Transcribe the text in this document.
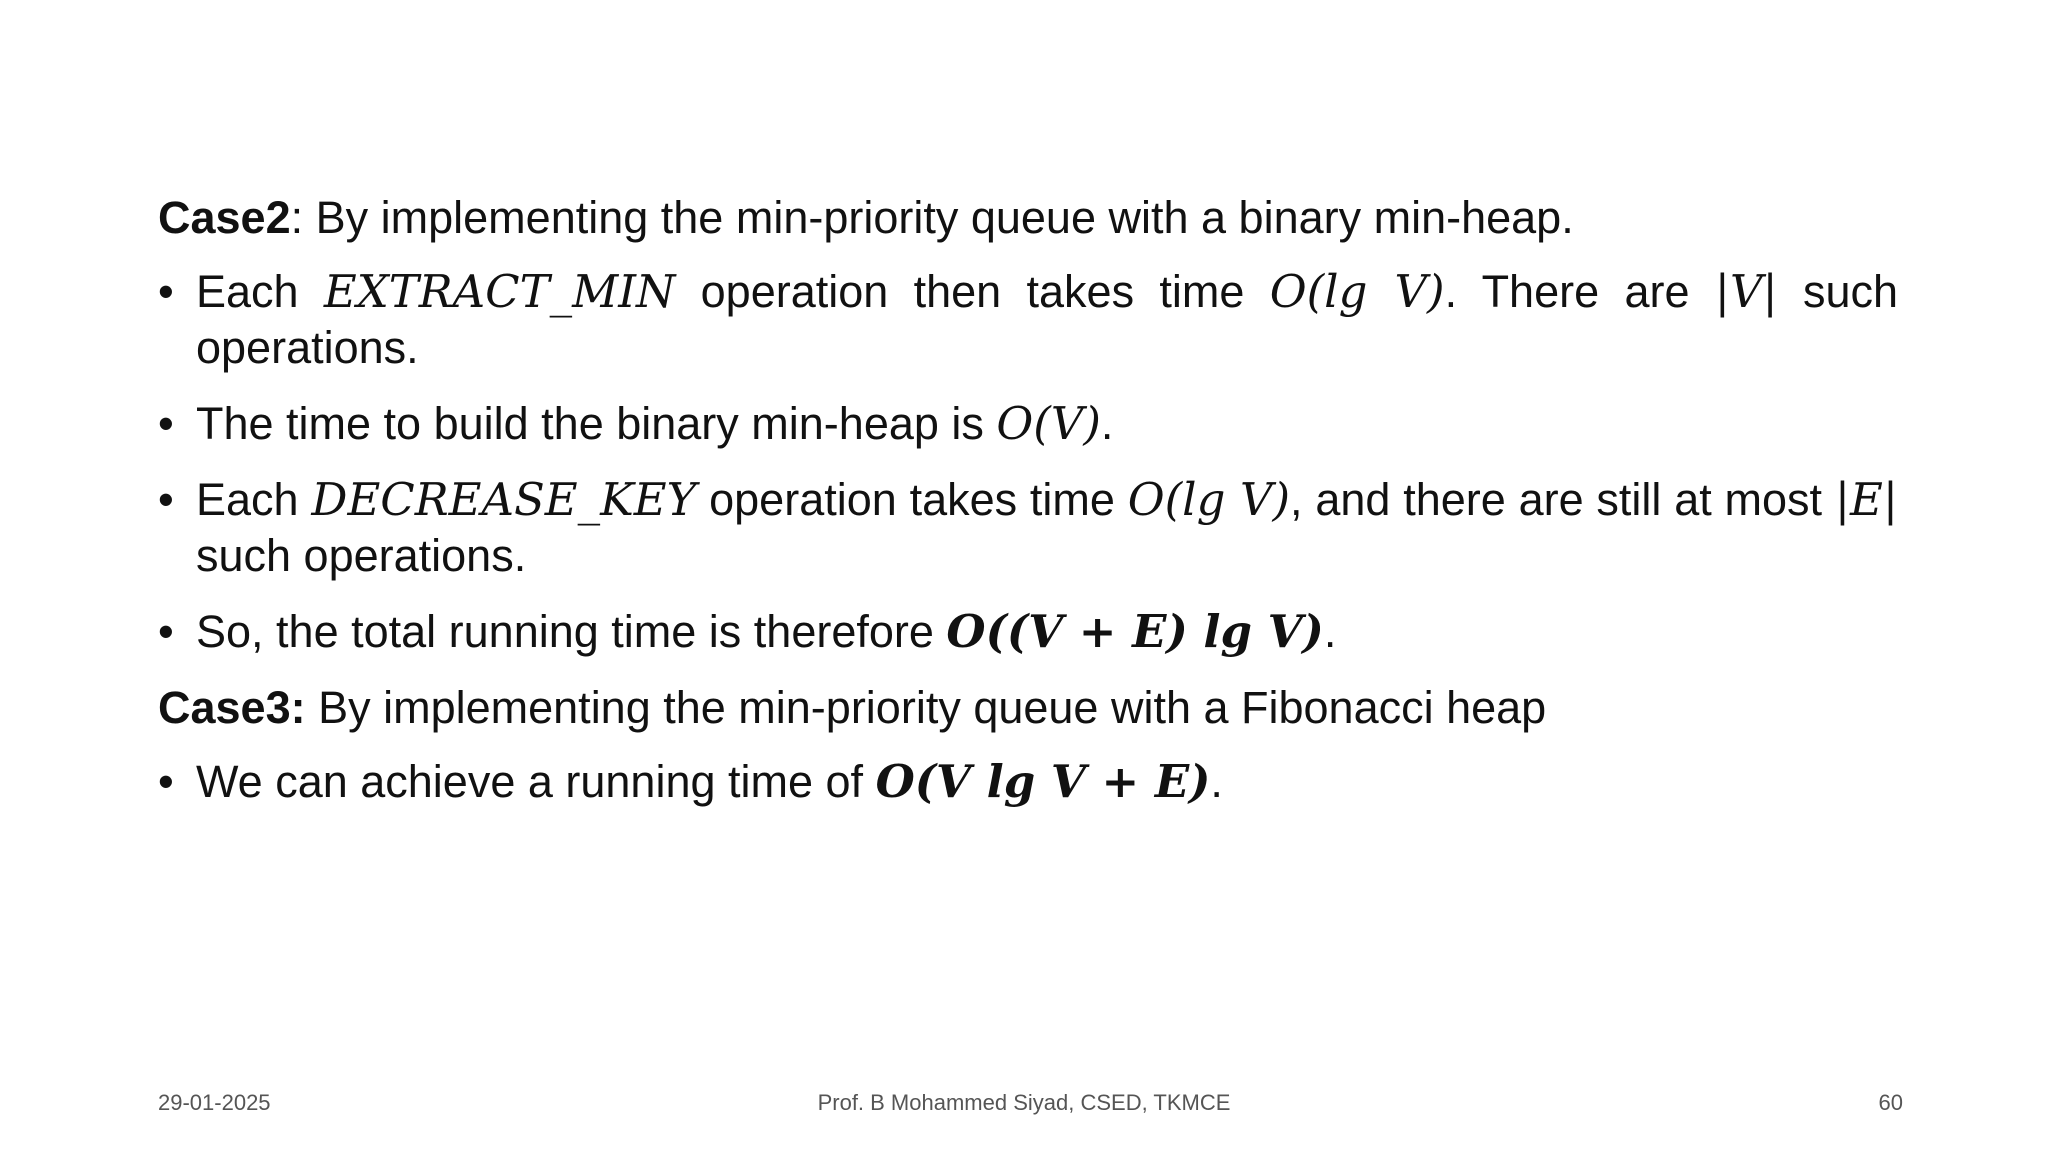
Case2: By implementing the min-priority queue with a binary min-heap.

• Each EXTRACT_MIN operation then takes time O(lg V). There are |V| such operations.

• The time to build the binary min-heap is O(V).

• Each DECREASE_KEY operation takes time O(lg V), and there are still at most |E| such operations.

• So, the total running time is therefore O((V + E) lg V).

Case3: By implementing the min-priority queue with a Fibonacci heap

• We can achieve a running time of O(V lg V + E).

29-01-2025	Prof. B Mohammed Siyad, CSED, TKMCE	60
